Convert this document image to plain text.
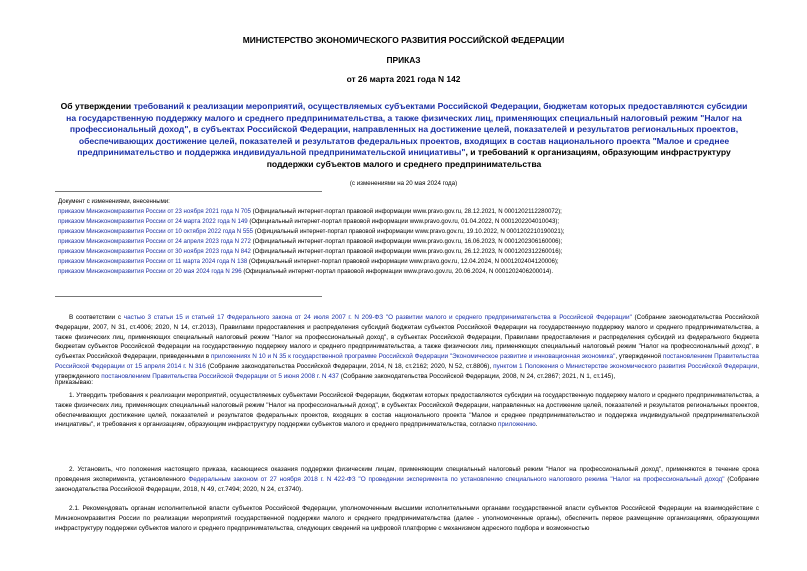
МИНИСТЕРСТВО ЭКОНОМИЧЕСКОГО РАЗВИТИЯ РОССИЙСКОЙ ФЕДЕРАЦИИ
ПРИКАЗ
от 26 марта 2021 года N 142
Об утверждении требований к реализации мероприятий, осуществляемых субъектами Российской Федерации, бюджетам которых предоставляются субсидии на государственную поддержку малого и среднего предпринимательства, а также физических лиц, применяющих специальный налоговый режим "Налог на профессиональный доход", в субъектах Российской Федерации, направленных на достижение целей, показателей и результатов региональных проектов, обеспечивающих достижение целей, показателей и результатов федеральных проектов, входящих в состав национального проекта "Малое и среднее предпринимательство и поддержка индивидуальной предпринимательской инициативы", и требований к организациям, образующим инфраструктуру поддержки субъектов малого и среднего предпринимательства
(с изменениями на 20 мая 2024 года)
Документ с изменениями, внесенными:
приказом Минэкономразвития России от 23 ноября 2021 года N 705 (Официальный интернет-портал правовой информации www.pravo.gov.ru, 28.12.2021, N 0001202112280072);
приказом Минэкономразвития России от 24 марта 2022 года N 149 (Официальный интернет-портал правовой информации www.pravo.gov.ru, 01.04.2022, N 0001202204010043);
приказом Минэкономразвития России от 10 октября 2022 года N 555 (Официальный интернет-портал правовой информации www.pravo.gov.ru, 19.10.2022, N 0001202210190021);
приказом Минэкономразвития России от 24 апреля 2023 года N 272 (Официальный интернет-портал правовой информации www.pravo.gov.ru, 16.06.2023, N 0001202306160006);
приказом Минэкономразвития России от 30 ноября 2023 года N 842 (Официальный интернет-портал правовой информации www.pravo.gov.ru, 26.12.2023, N 0001202312260016);
приказом Минэкономразвития России от 11 марта 2024 года N 138 (Официальный интернет-портал правовой информации www.pravo.gov.ru, 12.04.2024, N 0001202404120006);
приказом Минэкономразвития России от 20 мая 2024 года N 296 (Официальный интернет-портал правовой информации www.pravo.gov.ru, 20.06.2024, N 0001202406200014).
В соответствии с частью 3 статьи 15 и статьей 17 Федерального закона от 24 июля 2007 г. N 209-ФЗ "О развитии малого и среднего предпринимательства в Российской Федерации" (Собрание законодательства Российской Федерации, 2007, N 31, ст.4006; 2020, N 14, ст.2013), Правилами предоставления и распределения субсидий бюджетам субъектов Российской Федерации на государственную поддержку малого и среднего предпринимательства, а также физических лиц, применяющих специальный налоговый режим "Налог на профессиональный доход", в субъектах Российской Федерации, Правилами предоставления и распределения субсидий из федерального бюджета бюджетам субъектов Российской Федерации на государственную поддержку малого и среднего предпринимательства, а также физических лиц, применяющих специальный налоговый режим "Налог на профессиональный доход", в субъектах Российской Федерации, приведенными в приложениях N 10 и N 35 к государственной программе Российской Федерации "Экономическое развитие и инновационная экономика", утвержденной постановлением Правительства Российской Федерации от 15 апреля 2014 г. N 316 (Собрание законодательства Российской Федерации, 2014, N 18, ст.2162; 2020, N 52, ст.8806), пунктом 1 Положения о Министерстве экономического развития Российской Федерации, утвержденного постановлением Правительства Российской Федерации от 5 июня 2008 г. N 437 (Собрание законодательства Российской Федерации, 2008, N 24, ст.2867; 2021, N 1, ст.145),
приказываю:
1. Утвердить требования к реализации мероприятий, осуществляемых субъектами Российской Федерации, бюджетам которых предоставляются субсидии на государственную поддержку малого и среднего предпринимательства, а также физических лиц, применяющих специальный налоговый режим "Налог на профессиональный доход", в субъектах Российской Федерации, направленных на достижение целей, показателей и результатов региональных проектов, обеспечивающих достижение целей, показателей и результатов федеральных проектов, входящих в состав национального проекта "Малое и среднее предпринимательство и поддержка индивидуальной предпринимательской инициативы", и требования к организациям, образующим инфраструктуру поддержки субъектов малого и среднего предпринимательства, согласно приложению.
2. Установить, что положения настоящего приказа, касающиеся оказания поддержки физическим лицам, применяющим специальный налоговый режим "Налог на профессиональный доход", применяются в течение срока проведения эксперимента, установленного Федеральным законом от 27 ноября 2018 г. N 422-ФЗ "О проведении эксперимента по установлению специального налогового режима "Налог на профессиональный доход" (Собрание законодательства Российской Федерации, 2018, N 49, ст.7494; 2020, N 24, ст.3740).
2.1. Рекомендовать органам исполнительной власти субъектов Российской Федерации, уполномоченным высшими исполнительными органами государственной власти субъектов Российской Федерации на взаимодействие с Минэкономразвития России по реализации мероприятий государственной поддержки малого и среднего предпринимательства (далее - уполномоченные органы), обеспечить первое размещение организациями, образующими инфраструктуру поддержки субъектов малого и среднего предпринимательства, следующих сведений на цифровой платформе с механизмом адресного подбора и возможностью
